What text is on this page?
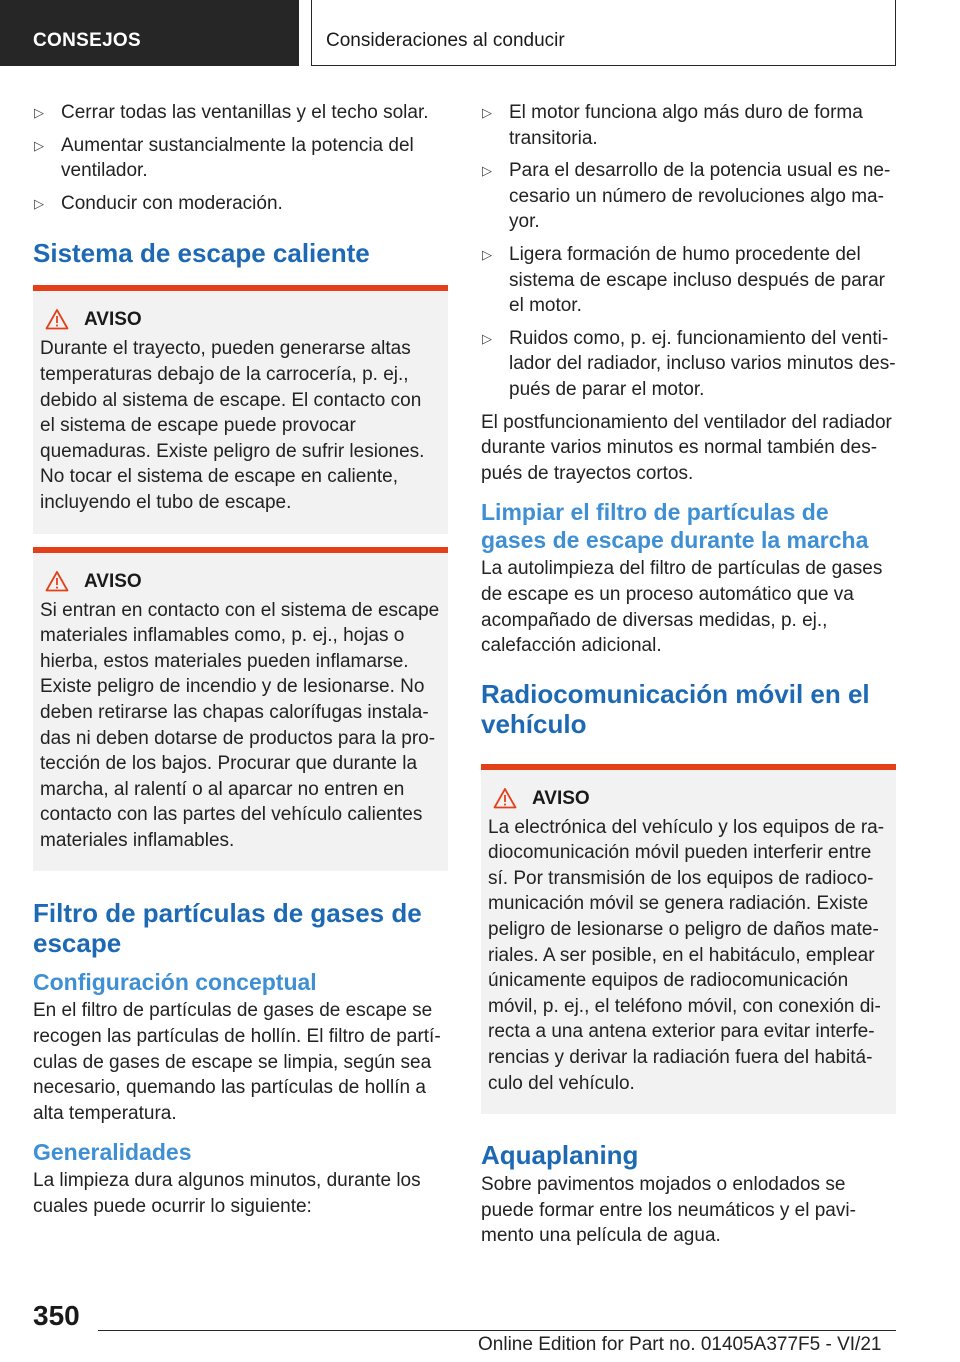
CONSEJOS	Consideraciones al conducir
▷ Cerrar todas las ventanillas y el techo solar.
▷ Aumentar sustancialmente la potencia del ventilador.
▷ Conducir con moderación.
Sistema de escape caliente
AVISO
Durante el trayecto, pueden generarse altas temperaturas debajo de la carrocería, p. ej., debido al sistema de escape. El contacto con el sistema de escape puede provocar quemaduras. Existe peligro de sufrir lesiones. No tocar el sistema de escape en caliente, incluyendo el tubo de escape.
AVISO
Si entran en contacto con el sistema de escape materiales inflamables como, p. ej., hojas o hierba, estos materiales pueden inflamarse. Existe peligro de incendio y de lesionarse. No deben retirarse las chapas calorífugas instaladas ni deben dotarse de productos para la protección de los bajos. Procurar que durante la marcha, al ralentí o al aparcar no entren en contacto con las partes del vehículo calientes materiales inflamables.
Filtro de partículas de gases de escape
Configuración conceptual
En el filtro de partículas de gases de escape se recogen las partículas de hollín. El filtro de partículas de gases de escape se limpia, según sea necesario, quemando las partículas de hollín a alta temperatura.
Generalidades
La limpieza dura algunos minutos, durante los cuales puede ocurrir lo siguiente:
▷ El motor funciona algo más duro de forma transitoria.
▷ Para el desarrollo de la potencia usual es necesario un número de revoluciones algo mayor.
▷ Ligera formación de humo procedente del sistema de escape incluso después de parar el motor.
▷ Ruidos como, p. ej. funcionamiento del ventilador del radiador, incluso varios minutos después de parar el motor.
El postfuncionamiento del ventilador del radiador durante varios minutos es normal también después de trayectos cortos.
Limpiar el filtro de partículas de gases de escape durante la marcha
La autolimpieza del filtro de partículas de gases de escape es un proceso automático que va acompañado de diversas medidas, p. ej., calefacción adicional.
Radiocomunicación móvil en el vehículo
AVISO
La electrónica del vehículo y los equipos de radiocomunicación móvil pueden interferir entre sí. Por transmisión de los equipos de radiocomunicación móvil se genera radiación. Existe peligro de lesionarse o peligro de daños materiales. A ser posible, en el habitáculo, emplear únicamente equipos de radiocomunicación móvil, p. ej., el teléfono móvil, con conexión directa a una antena exterior para evitar interferencias y derivar la radiación fuera del habitáculo del vehículo.
Aquaplaning
Sobre pavimentos mojados o enlodados se puede formar entre los neumáticos y el pavimento una película de agua.
350
Online Edition for Part no. 01405A377F5 - VI/21
